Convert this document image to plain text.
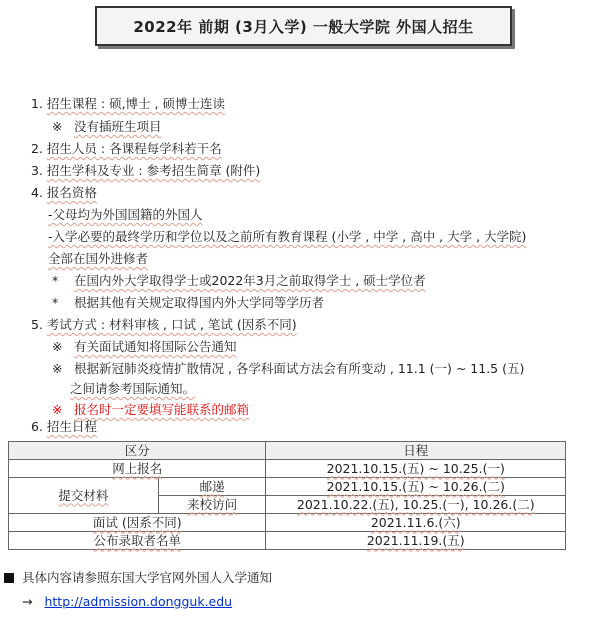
2022年 前期 (3月入学) 一般大学院 外国人招生
1. 招生课程 : 硕,博士 , 硕博士连读
※ 没有插班生项目
2. 招生人员 : 各课程每学科若干名
3. 招生学科及专业 : 参考招生简章 (附件)
4. 报名资格
-父母均为外国国籍的外国人
-入学必要的最终学历和学位以及之前所有教育课程 (小学 , 中学 , 高中 , 大学 , 大学院)
全部在国外进修者
* 在国内外大学取得学士或2022年3月之前取得学士 , 硕士学位者
* 根据其他有关规定取得国内外大学同等学历者
5. 考试方式 : 材料审核 , 口试 , 笔试 (因系不同)
※ 有关面试通知将国际公告通知
※ 根据新冠肺炎疫情扩散情况 , 各学科面试方法会有所变动 , 11.1 (一) ~ 11.5 (五)
之间请参考国际通知。
※ 报名时一定要填写能联系的邮箱
6. 招生日程
区分		日程
网上报名		2021.10.15.(五) ~ 10.25.(一)
提交材料	邮递	2021.10.15.(五) ~ 10.26.(二)
	来校访问	2021.10.22.(五), 10.25.(一), 10.26.(二)
面试 (因系不同)		2021.11.6.(六)
公布录取者名单		2021.11.19.(五)
具体内容请参照东国大学官网外国人入学通知
→ http://admission.dongguk.edu
